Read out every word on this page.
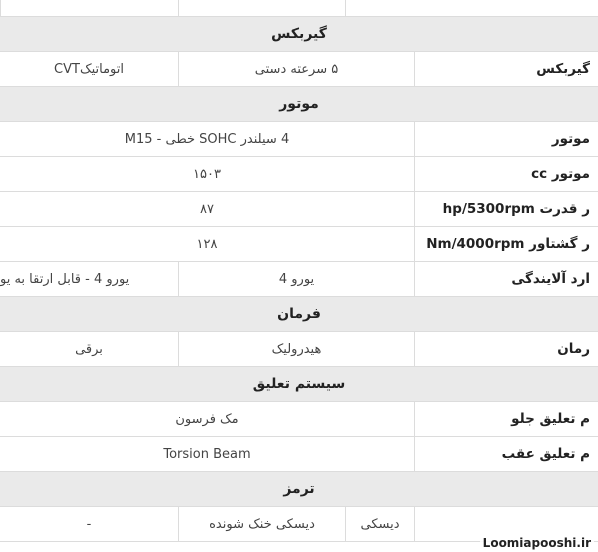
گیربکس
گیربکس
۵ سرعته دستی
اتوماتیکCVT
موتور
موتور
4 سیلندر SOHC خطی - M15
موتور cc
۱۵۰۳
ر قدرت hp/5300rpm
۸۷
ر گشتاور Nm/4000rpm
۱۲۸
ارد آلایندگی
یورو 4
یورو 4 - قابل ارتقا به یو
فرمان
رمان
هیدرولیک
برقی
سیستم تعلیق
م تعلیق جلو
مک فرسون
م تعلیق عقب
Torsion Beam
ترمز
دیسکی
دیسکی خنک شونده
-
Loomiapooshi.ir
